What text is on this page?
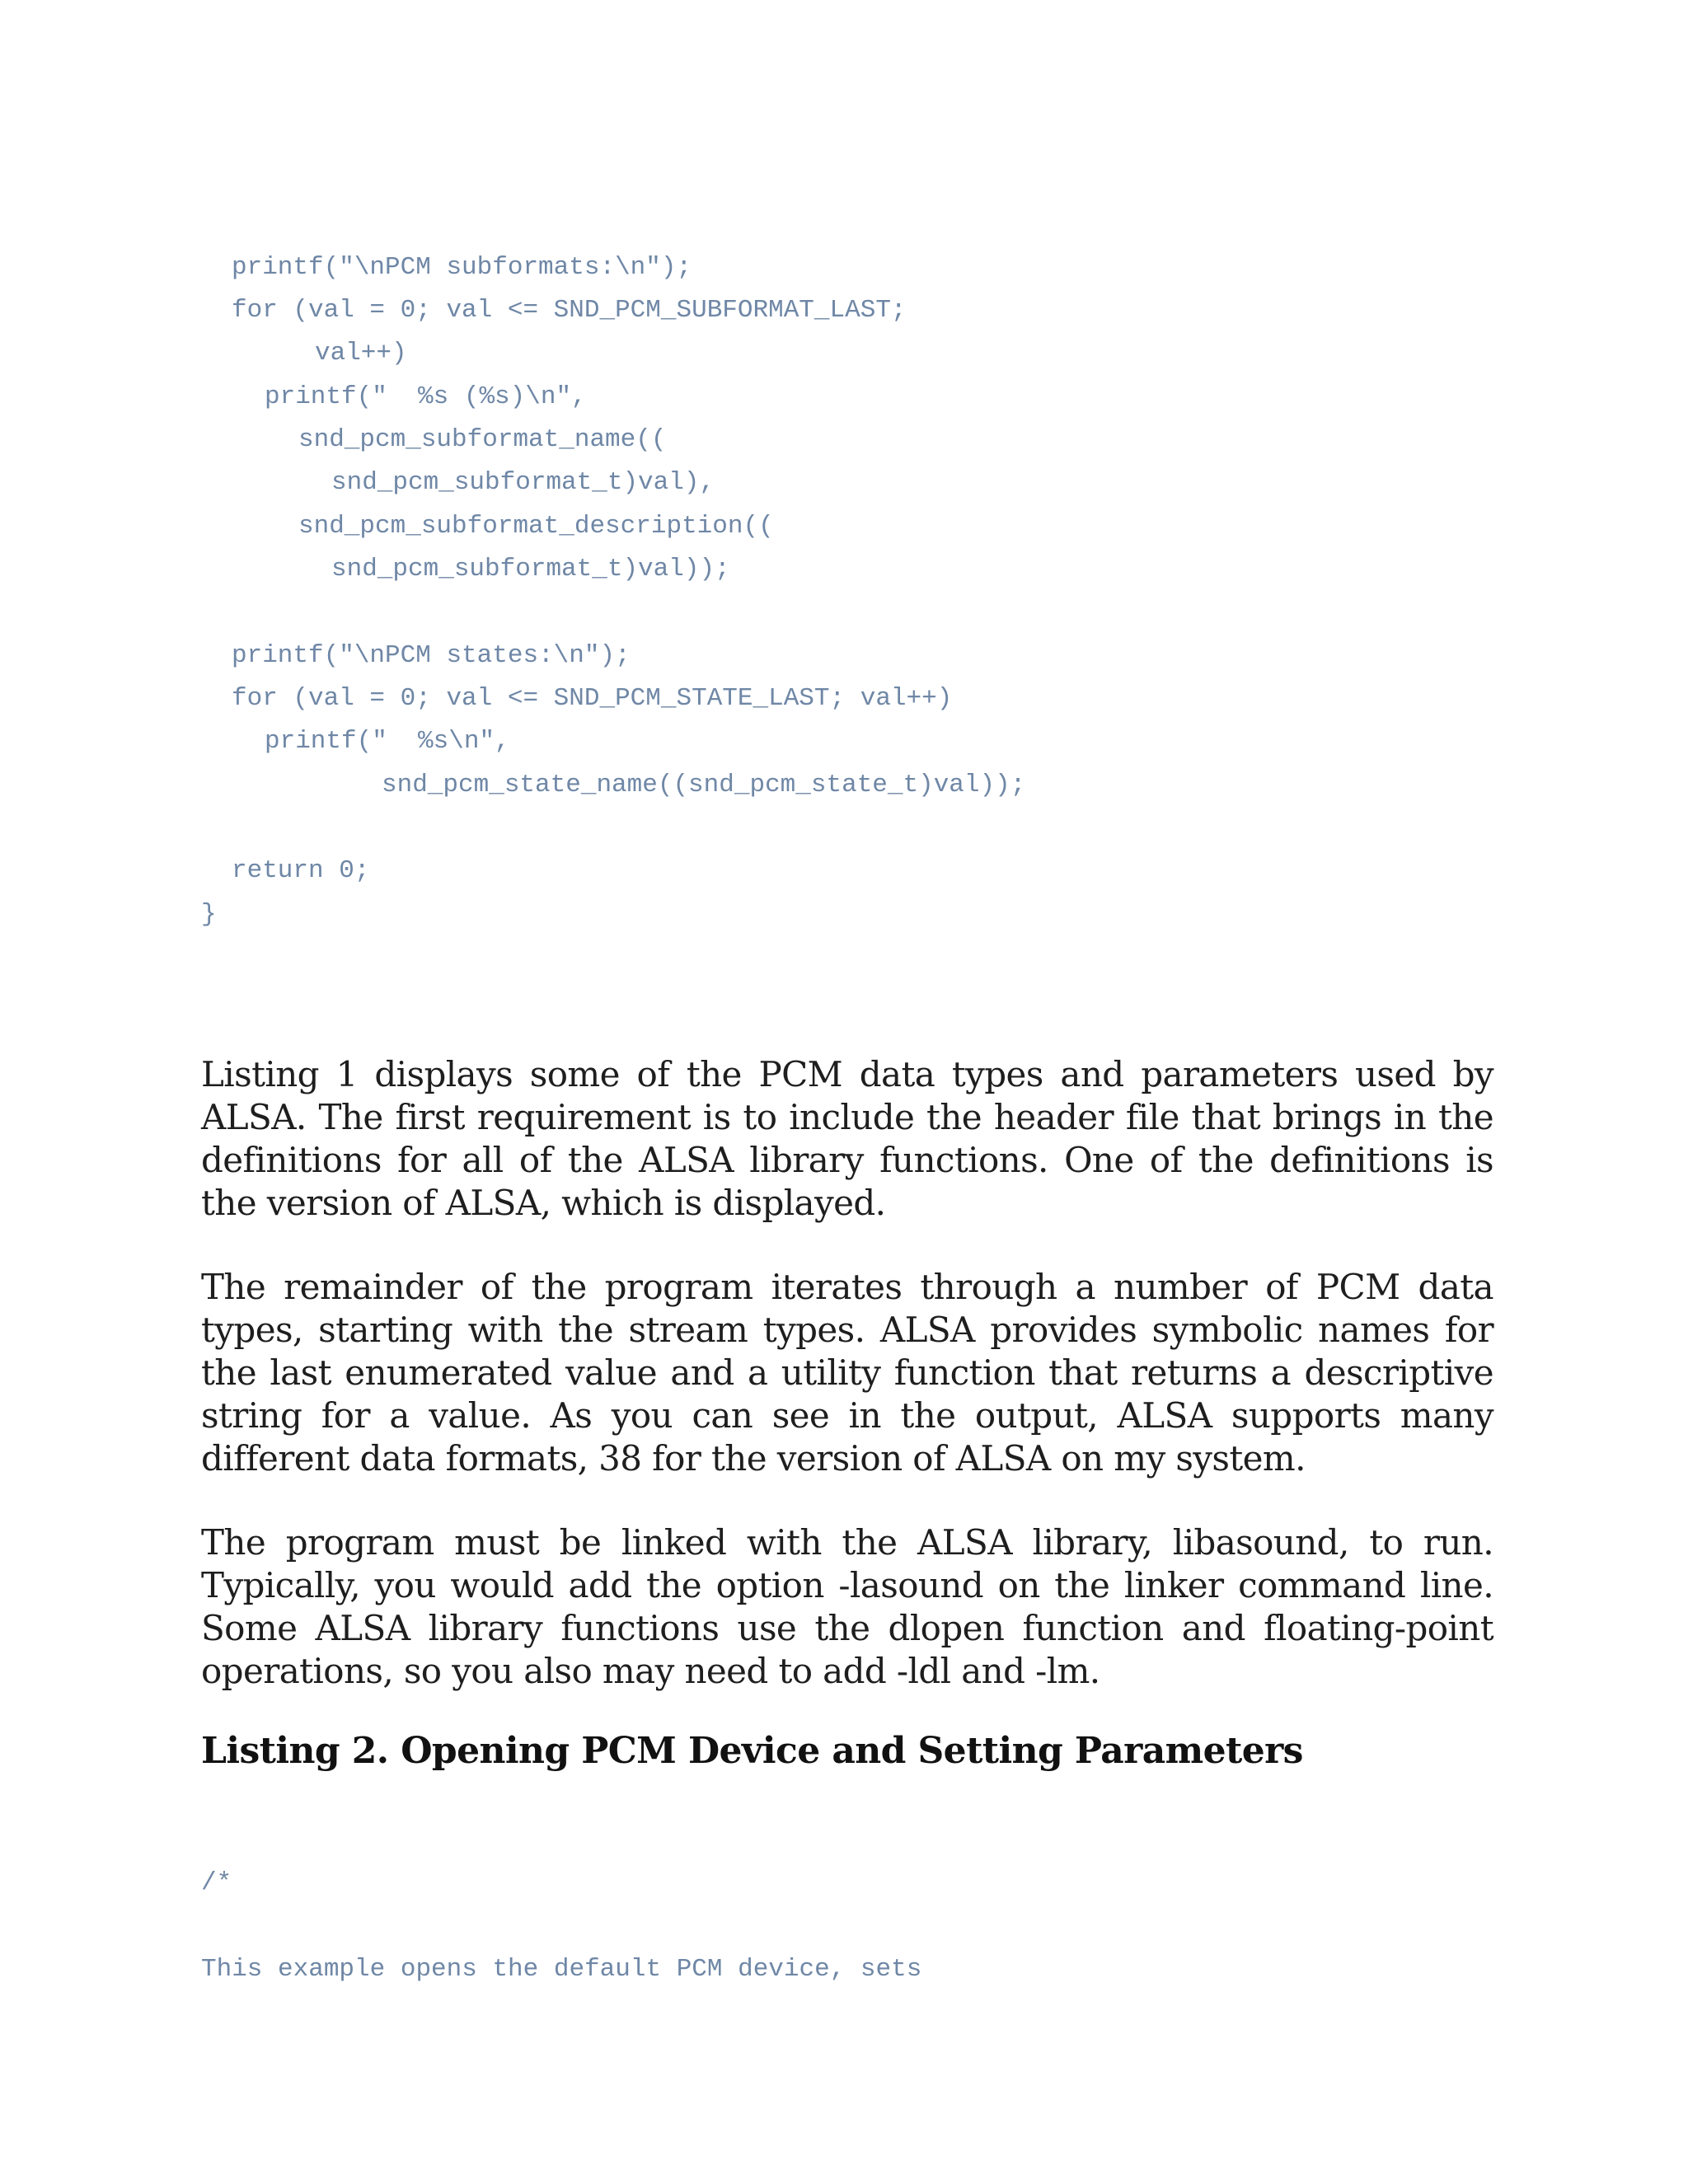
printf("\nPCM subformats:\n");
for (val = 0; val <= SND_PCM_SUBFORMAT_LAST;
val++)
printf("  %s (%s)\n",
snd_pcm_subformat_name((
snd_pcm_subformat_t)val),
snd_pcm_subformat_description((
snd_pcm_subformat_t)val));
printf("\nPCM states:\n");
for (val = 0; val <= SND_PCM_STATE_LAST; val++)
printf("  %s\n",
snd_pcm_state_name((snd_pcm_state_t)val));
return 0;
}

Listing 1 displays some of the PCM data types and parameters used by ALSA. The first requirement is to include the header file that brings in the definitions for all of the ALSA library functions. One of the definitions is the version of ALSA, which is displayed.

The remainder of the program iterates through a number of PCM data types, starting with the stream types. ALSA provides symbolic names for the last enumerated value and a utility function that returns a descriptive string for a value. As you can see in the output, ALSA supports many different data formats, 38 for the version of ALSA on my system.

The program must be linked with the ALSA library, libasound, to run. Typically, you would add the option -lasound on the linker command line. Some ALSA library functions use the dlopen function and floating-point operations, so you also may need to add -ldl and -lm.

Listing 2. Opening PCM Device and Setting Parameters
/*
This example opens the default PCM device, sets
